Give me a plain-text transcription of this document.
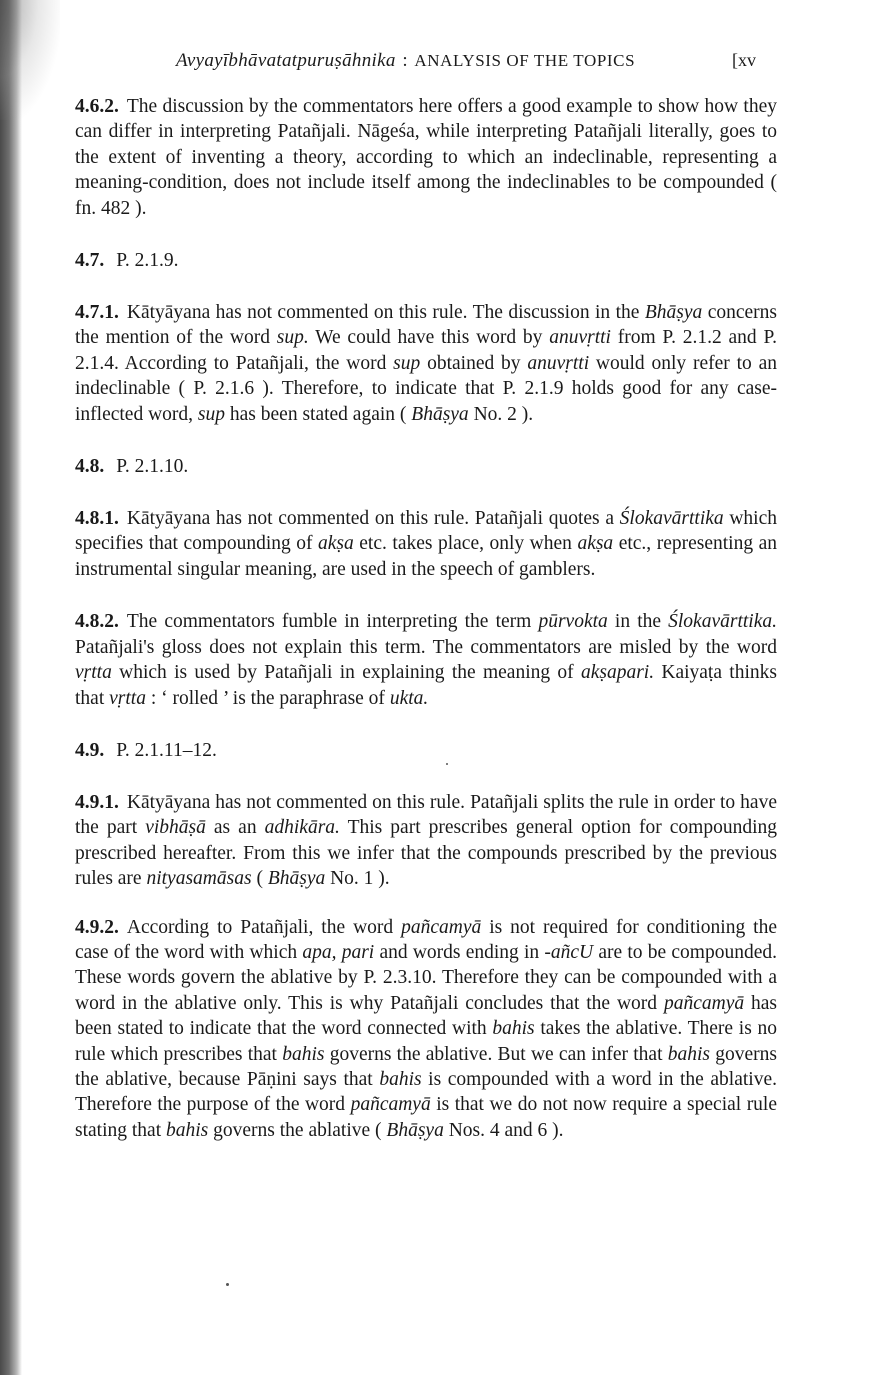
Avyayībhāvatatpuruṣāhnika : ANALYSIS OF THE TOPICS	[xv

4.6.2. The discussion by the commentators here offers a good example to show how they can differ in interpreting Patañjali. Nāgeśa, while interpreting Patañjali literally, goes to the extent of inventing a theory, according to which an indeclinable, representing a meaning-condition, does not include itself among the indeclinables to be compounded ( fn. 482 ).

4.7. P. 2.1.9.

4.7.1. Kātyāyana has not commented on this rule. The discussion in the Bhāṣya concerns the mention of the word sup. We could have this word by anuvṛtti from P. 2.1.2 and P. 2.1.4. According to Patañjali, the word sup obtained by anuvṛtti would only refer to an indeclinable ( P. 2.1.6 ). Therefore, to indicate that P. 2.1.9 holds good for any case-inflected word, sup has been stated again ( Bhāṣya No. 2 ).

4.8. P. 2.1.10.

4.8.1. Kātyāyana has not commented on this rule. Patañjali quotes a Ślokavārttika which specifies that compounding of akṣa etc. takes place, only when akṣa etc., representing an instrumental singular meaning, are used in the speech of gamblers.

4.8.2. The commentators fumble in interpreting the term pūrvokta in the Ślokavārttika. Patañjali's gloss does not explain this term. The commentators are misled by the word vṛtta which is used by Patañjali in explaining the meaning of akṣapari. Kaiyaṭa thinks that vṛtta : ‘ rolled ’ is the paraphrase of ukta.

4.9. P. 2.1.11–12.

4.9.1. Kātyāyana has not commented on this rule. Patañjali splits the rule in order to have the part vibhāṣā as an adhikāra. This part prescribes general option for compounding prescribed hereafter. From this we infer that the compounds prescribed by the previous rules are nityasamāsas ( Bhāṣya No. 1 ).

4.9.2. According to Patañjali, the word pañcamyā is not required for conditioning the case of the word with which apa, pari and words ending in -añcU are to be compounded. These words govern the ablative by P. 2.3.10. Therefore they can be compounded with a word in the ablative only. This is why Patañjali concludes that the word pañcamyā has been stated to indicate that the word connected with bahis takes the ablative. There is no rule which prescribes that bahis governs the ablative. But we can infer that bahis governs the ablative, because Pāṇini says that bahis is compounded with a word in the ablative. Therefore the purpose of the word pañcamyā is that we do not now require a special rule stating that bahis governs the ablative ( Bhāṣya Nos. 4 and 6 ).
